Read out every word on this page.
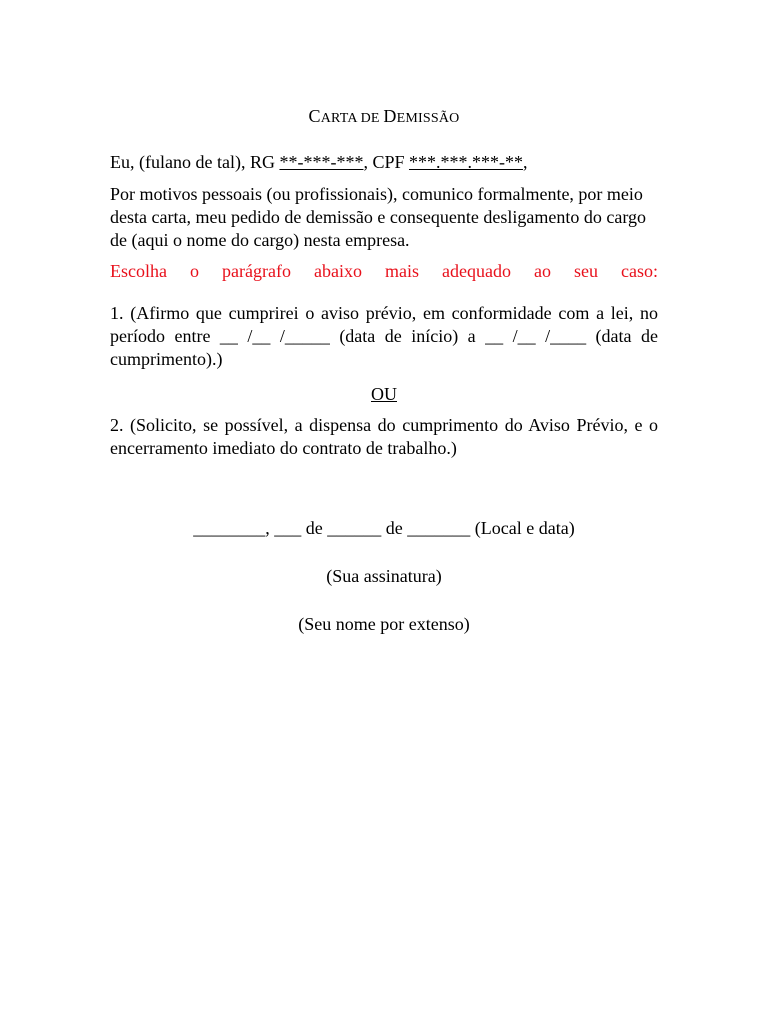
CARTA DE DEMISSÃO

Eu, (fulano de tal), RG **-***-***, CPF ***.***.***-**,

Por motivos pessoais (ou profissionais), comunico formalmente, por meio desta carta, meu pedido de demissão e consequente desligamento do cargo de (aqui o nome do cargo) nesta empresa.

Escolha o parágrafo abaixo mais adequado ao seu caso:

1. (Afirmo que cumprirei o aviso prévio, em conformidade com a lei, no período entre __ /__ /_____ (data de início) a __ /__ /____ (data de cumprimento).)

OU

2. (Solicito, se possível, a dispensa do cumprimento do Aviso Prévio, e o encerramento imediato do contrato de trabalho.)

________, ___ de ______ de _______ (Local e data)

(Sua assinatura)

(Seu nome por extenso)
